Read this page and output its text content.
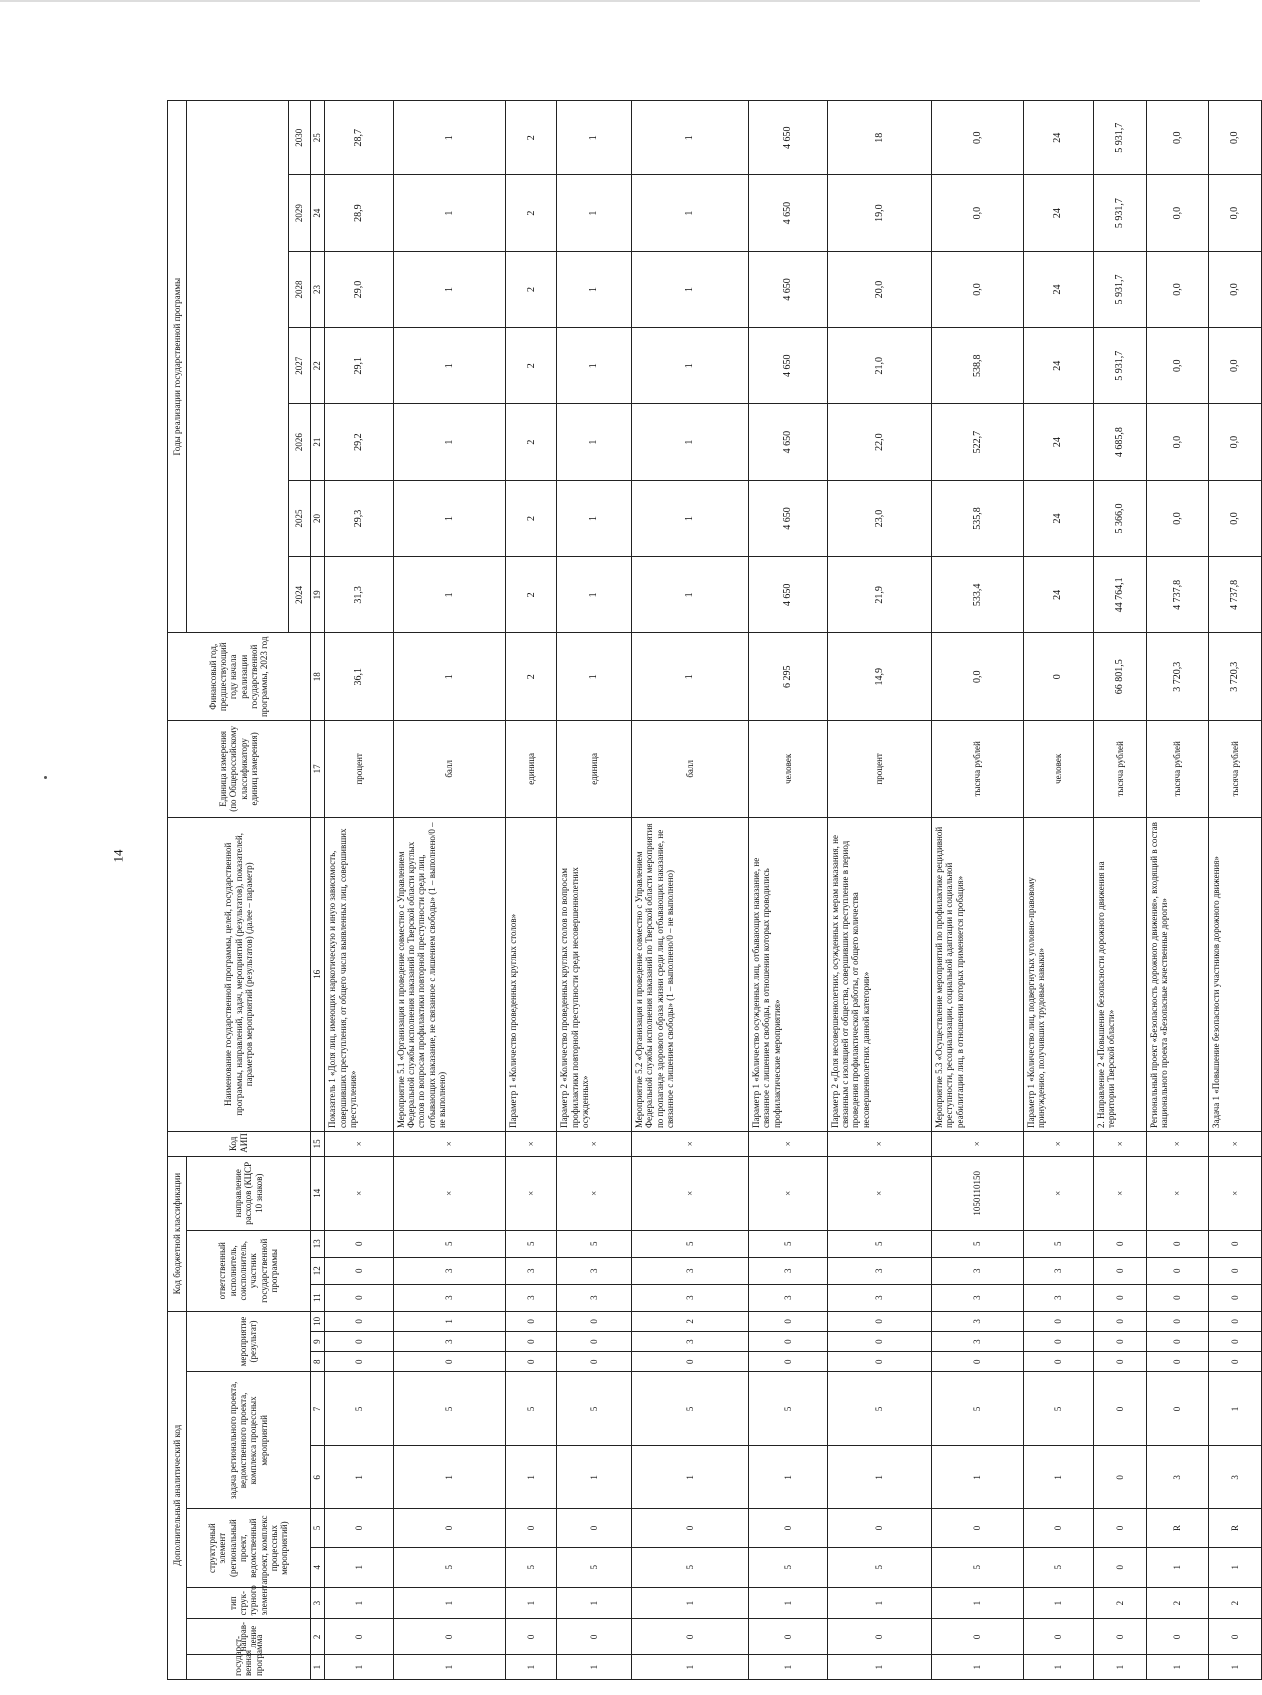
14
Дополнительный аналитический код										Код бюджетной классификации				Код АИП	Наименование государственной программы, целей, государственной программы, направлений, задач, мероприятий (результатов), показателей, параметров мероприятий (результатов) (далее – параметр)	Единица измерения (по Общероссийскому классификатору единиц измерения)	Финансовый год, предшествующий году начала реализации государственной программы, 2023 год	Годы реализации государственной программы						
государст-венная программа	направ-ление	тип струк-турного элемента	структурный элемент (региональный проект, ведомственный проект, комплекс процессных мероприятий)		задача регионального проекта, ведомственного проекта, комплекса процессных мероприятий		мероприятие (результат)			ответственный исполнитель, соисполнитель, участник государственной программы			направление расходов (КЦСР 10 знаков)											
																		2024	2025	2026	2027	2028	2029	2030
1	2	3	4	5	6	7	8	9	10	11	12	13	14	15	16	17	18	19	20	21	22	23	24	25
1	0	1	1	0	1	5	0	0	0	0	0	0	×	×	Показатель 1 «Доля лиц, имеющих наркотическую и иную зависимость, совершивших преступления, от общего числа выявленных лиц, совершивших преступления»	процент	36,1	31,3	29,3	29,2	29,1	29,0	28,9	28,7
1	0	1	5	0	1	5	0	3	1	3	3	5	×	×	Мероприятие 5.1 «Организация и проведение совместно с Управлением Федеральной службы исполнения наказаний по Тверской области круглых столов по вопросам профилактики повторной преступности среди лиц, отбывающих наказание, не связанное с лишением свободы» (1 – выполнено/0 – не выполнено)	балл	1	1	1	1	1	1	1	1
1	0	1	5	0	1	5	0	0	0	3	3	5	×	×	Параметр 1 «Количество проведенных круглых столов»	единица	2	2	2	2	2	2	2	2
1	0	1	5	0	1	5	0	0	0	3	3	5	×	×	Параметр 2 «Количество проведенных круглых столов по вопросам профилактики повторной преступности среди несовершеннолетних осужденных»	единица	1	1	1	1	1	1	1	1
1	0	1	5	0	1	5	0	3	2	3	3	5	×	×	Мероприятие 5.2 «Организация и проведение совместно с Управлением Федеральной службы исполнения наказаний по Тверской области мероприятия по пропаганде здорового образа жизни среди лиц, отбывающих наказание, не связанное с лишением свободы» (1 – выполнено/0 – не выполнено)	балл	1	1	1	1	1	1	1	1
1	0	1	5	0	1	5	0	0	0	3	3	5	×	×	Параметр 1 «Количество осужденных лиц, отбывающих наказание, не связанное с лишением свободы, в отношении которых проводились профилактические мероприятия»	человек	6 295	4 650	4 650	4 650	4 650	4 650	4 650	4 650
1	0	1	5	0	1	5	0	0	0	3	3	5	×	×	Параметр 2 «Доля несовершеннолетних, осужденных к мерам наказания, не связанным с изоляцией от общества, совершивших преступление в период проведения профилактической работы, от общего количества несовершеннолетних данной категории»	процент	14,9	21,9	23,0	22,0	21,0	20,0	19,0	18
1	0	1	5	0	1	5	0	3	3	3	3	5	1050110150	×	Мероприятие 5.3 «Осуществление мероприятий по профилактике рецидивной преступности, ресоциализации, социальной адаптации и социальной реабилитации лиц, в отношении которых применяется пробация»	тысяча рублей	0,0	533,4	535,8	522,7	538,8	0,0	0,0	0,0
1	0	1	5	0	1	5	0	0	0	3	3	5	×	×	Параметр 1 «Количество лиц, подвергнутых уголовно-правовому принуждению, получивших трудовые навыки»	человек	0	24	24	24	24	24	24	24
1	0	2	0	0	0	0	0	0	0	0	0	0	×	×	2. Направление 2 «Повышение безопасности дорожного движения на территории Тверской области»	тысяча рублей	66 801,5	44 764,1	5 366,0	4 685,8	5 931,7	5 931,7	5 931,7	5 931,7
1	0	2	1	R	3	0	0	0	0	0	0	0	×	×	Региональный проект «Безопасность дорожного движения», входящий в состав национального проекта «Безопасные качественные дороги»	тысяча рублей	3 720,3	4 737,8	0,0	0,0	0,0	0,0	0,0	0,0
1	0	2	1	R	3	1	0	0	0	0	0	0	×	×	Задача 1 «Повышение безопасности участников дорожного движения»	тысяча рублей	3 720,3	4 737,8	0,0	0,0	0,0	0,0	0,0	0,0
